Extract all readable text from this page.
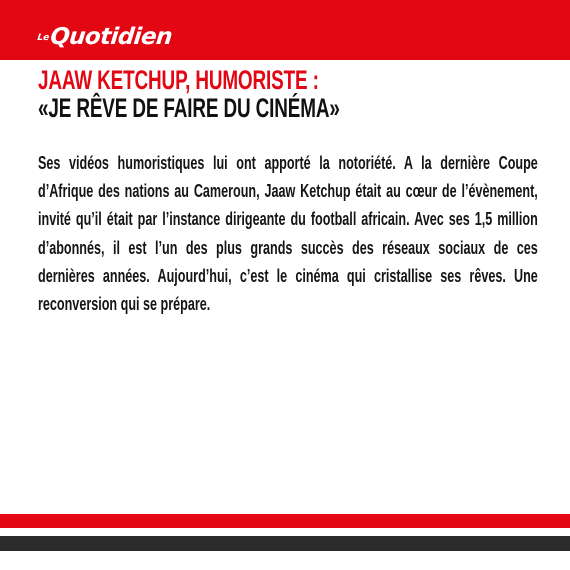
Le Quotidien
JAAW KETCHUP, HUMORISTE :
«JE RÊVE DE FAIRE DU CINÉMA»

Ses vidéos humoristiques lui ont apporté la notoriété. A la dernière Coupe d’Afrique des nations au Cameroun, Jaaw Ketchup était au cœur de l’évènement, invité qu’il était par l’instance dirigeante du football africain. Avec ses 1,5 million d’abonnés, il est l’un des plus grands succès des réseaux sociaux de ces dernières années. Aujourd’hui, c’est le cinéma qui cristallise ses rêves. Une reconversion qui se prépare.
